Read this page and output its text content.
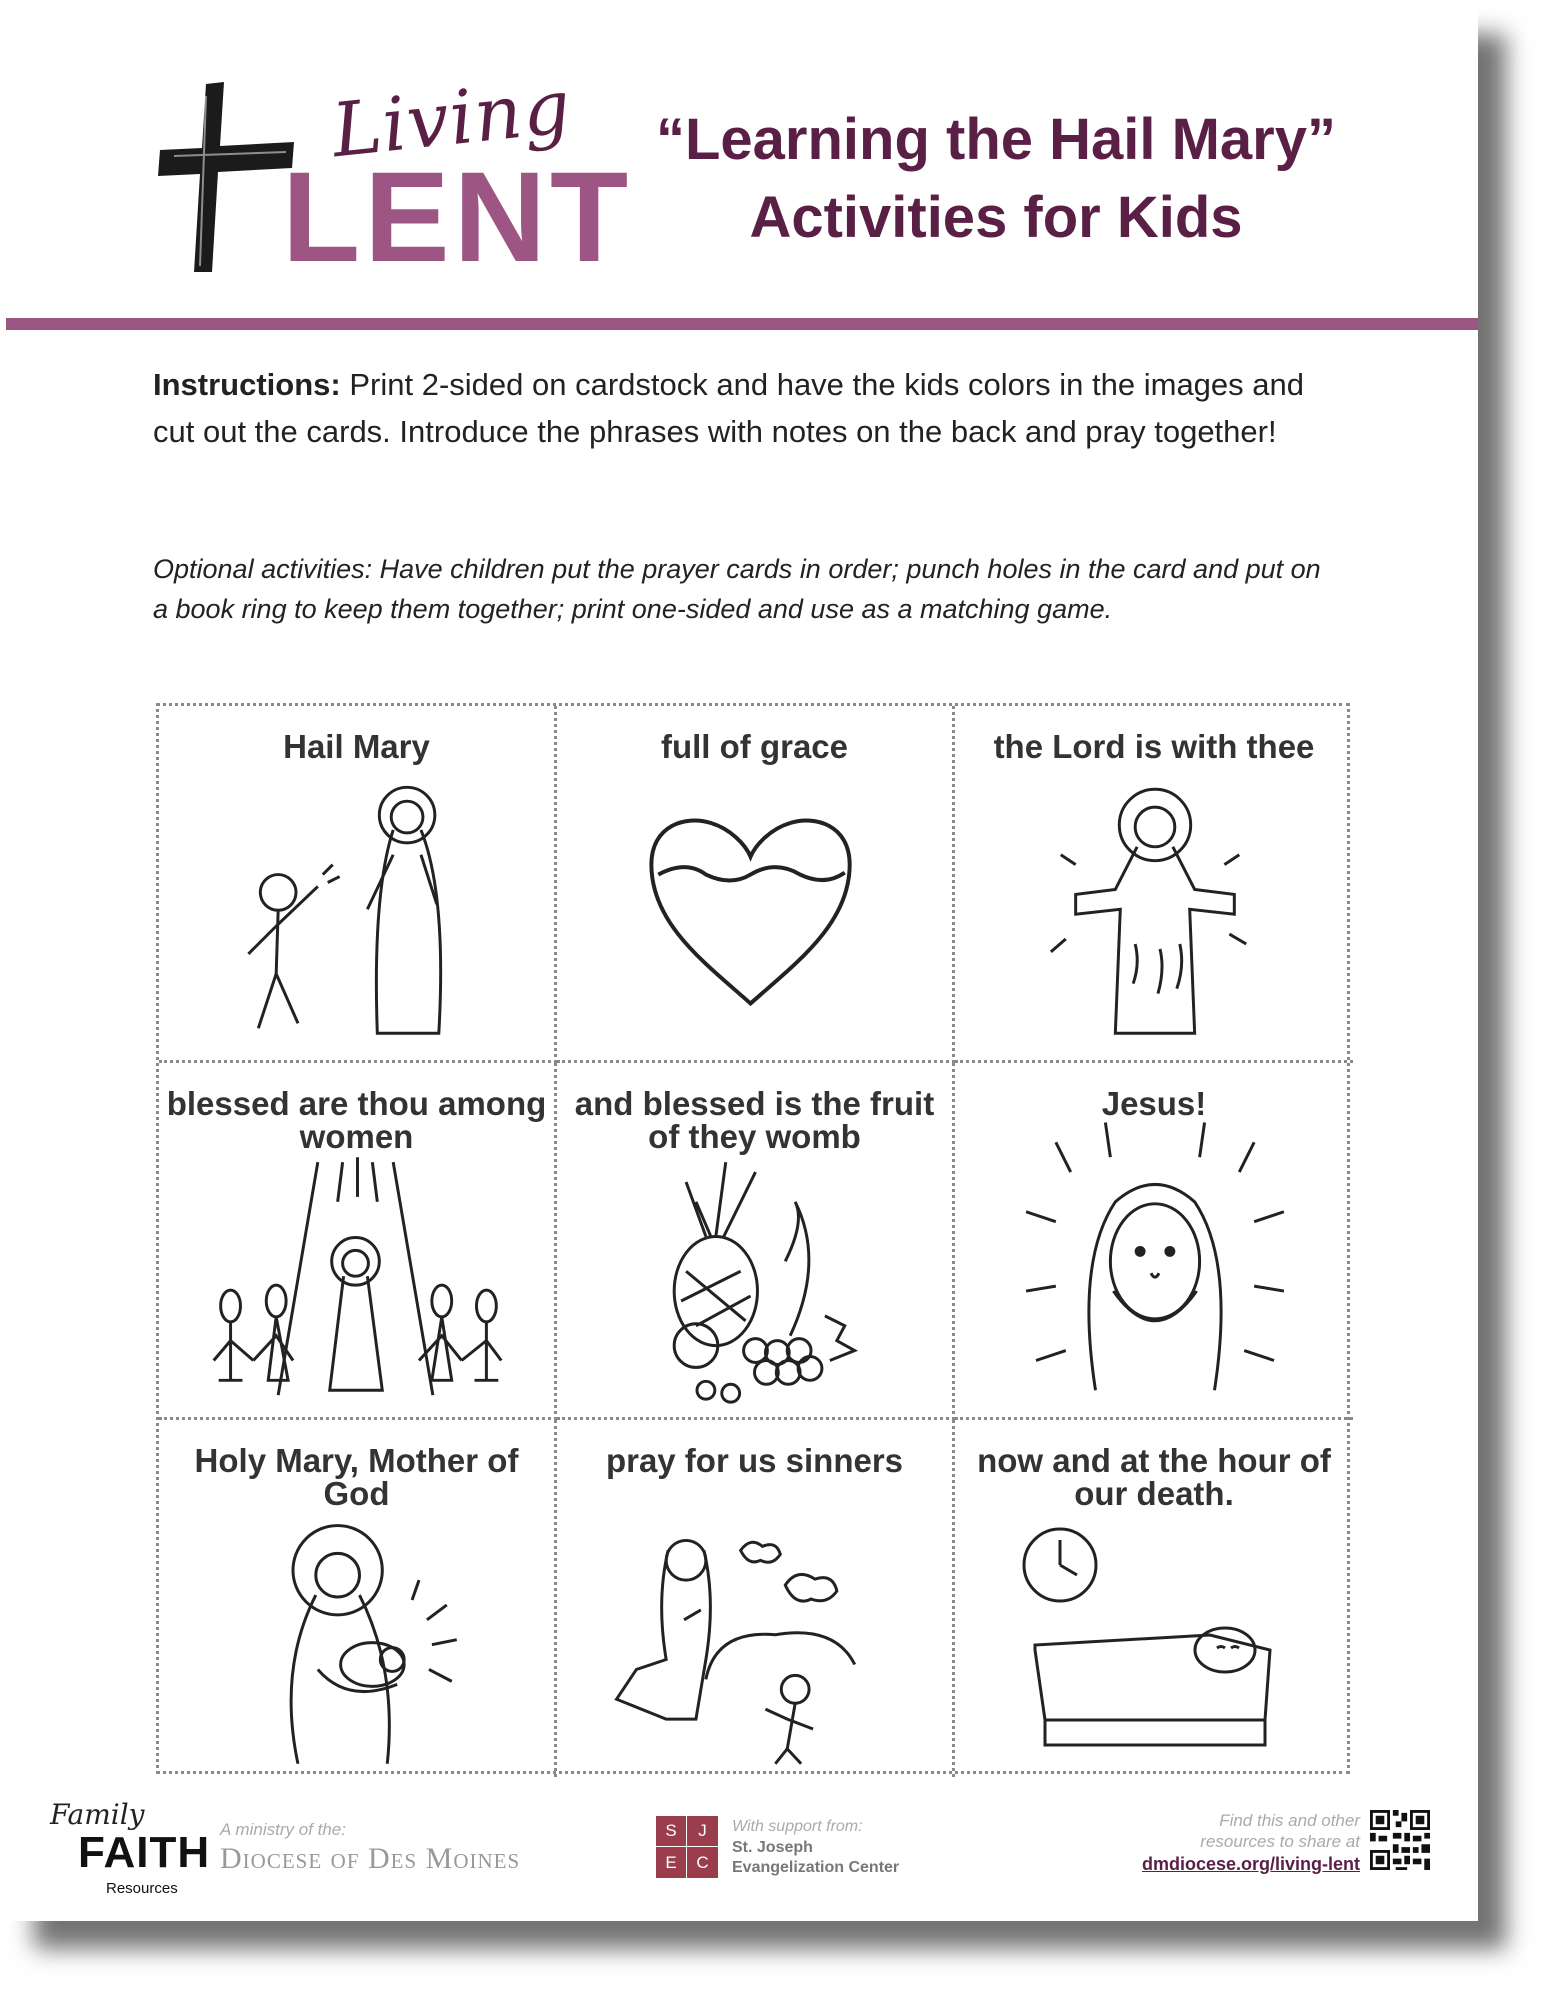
Living
LENT
“Learning the Hail Mary”
Activities for Kids
Instructions: Print 2-sided on cardstock and have the kids colors in the images and cut out the cards. Introduce the phrases with notes on the back and pray together!
Optional activities: Have children put the prayer cards in order; punch holes in the card and put on a book ring to keep them together; print one-sided and use as a matching game.
Hail Mary	full of grace	the Lord is with thee
blessed are thou among women
and blessed is the fruit of they womb
Jesus!
Holy Mary, Mother of God
pray for us sinners	now and at the hour of our death.
Family
FAITH
Resources
A ministry of the:
Diocese of Des Moines
S	J
E	C
With support from:
St. Joseph
Evangelization Center
Find this and other
resources to share at
dmdiocese.org/living-lent
